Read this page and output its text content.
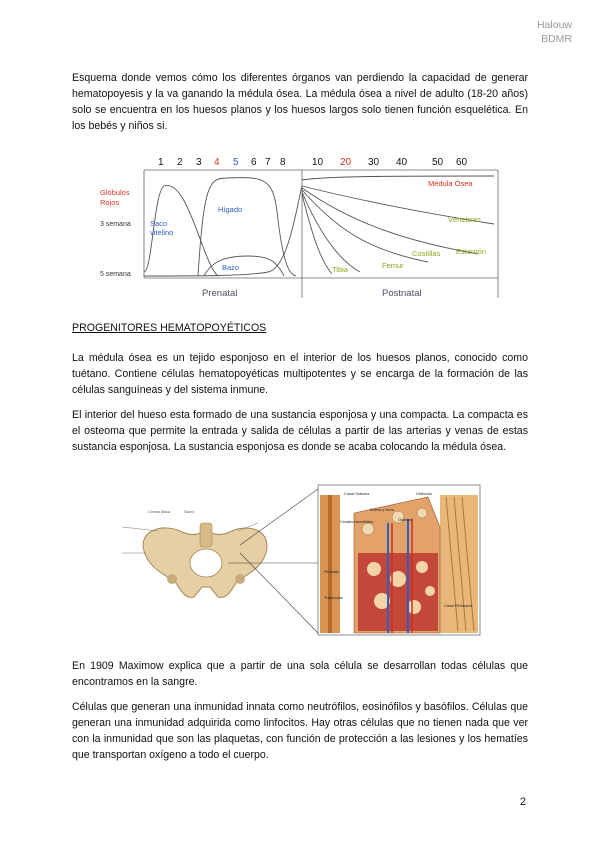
Halouw
BDMR

Esquema donde vemos cómo los diferentes órganos van perdiendo la capacidad de generar hematopoyesis y la va ganando la médula ósea. La médula ósea a nivel de adulto (18-20 años) solo se encuentra en los huesos planos y los huesos largos solo tienen función esquelética. En los bebés y niños si.

1 2 3 4 5 6 7 8	10 20 30 40 50 60
Glóbulos
Rojos
3 semana
5 semana
Saco
vitelino
Hígado
Bazo
Médula Ósea
Vértebras
Esternón
Costillas
Femur
Tibia
Prenatal	Postnatal

PROGENITORES HEMATOPOYÉTICOS

La médula ósea es un tejido esponjoso en el interior de los huesos planos, conocido como tuétano. Contiene células hematopoyéticas multipotentes y se encarga de la formación de las células sanguíneas y del sistema inmune.

El interior del hueso esta formado de una sustancia esponjosa y una compacta. La compacta es el osteoma que permite la entrada y salida de células a partir de las arterias y venas de estas sustancia esponjosa. La sustancia esponjosa es donde se acaba colocando la médula ósea.

Cresta iliaca	Sacro
Canal Osteona	Osteocito
Arteria y Vena
Osteona
Canales interstitiales
Trabéculas
Canal Perforante
Periostio

En 1909 Maximow explica que a partir de una sola célula se desarrollan todas células que encontramos en la sangre.

Células que generan una inmunidad innata como neutrófilos, eosinófilos y basófilos. Células que generan una inmunidad adquirida como linfocitos. Hay otras células que no tienen nada que ver con la inmunidad que son las plaquetas, con función de protección a las lesiones y los hematíes que transportan oxígeno a todo el cuerpo.

2
